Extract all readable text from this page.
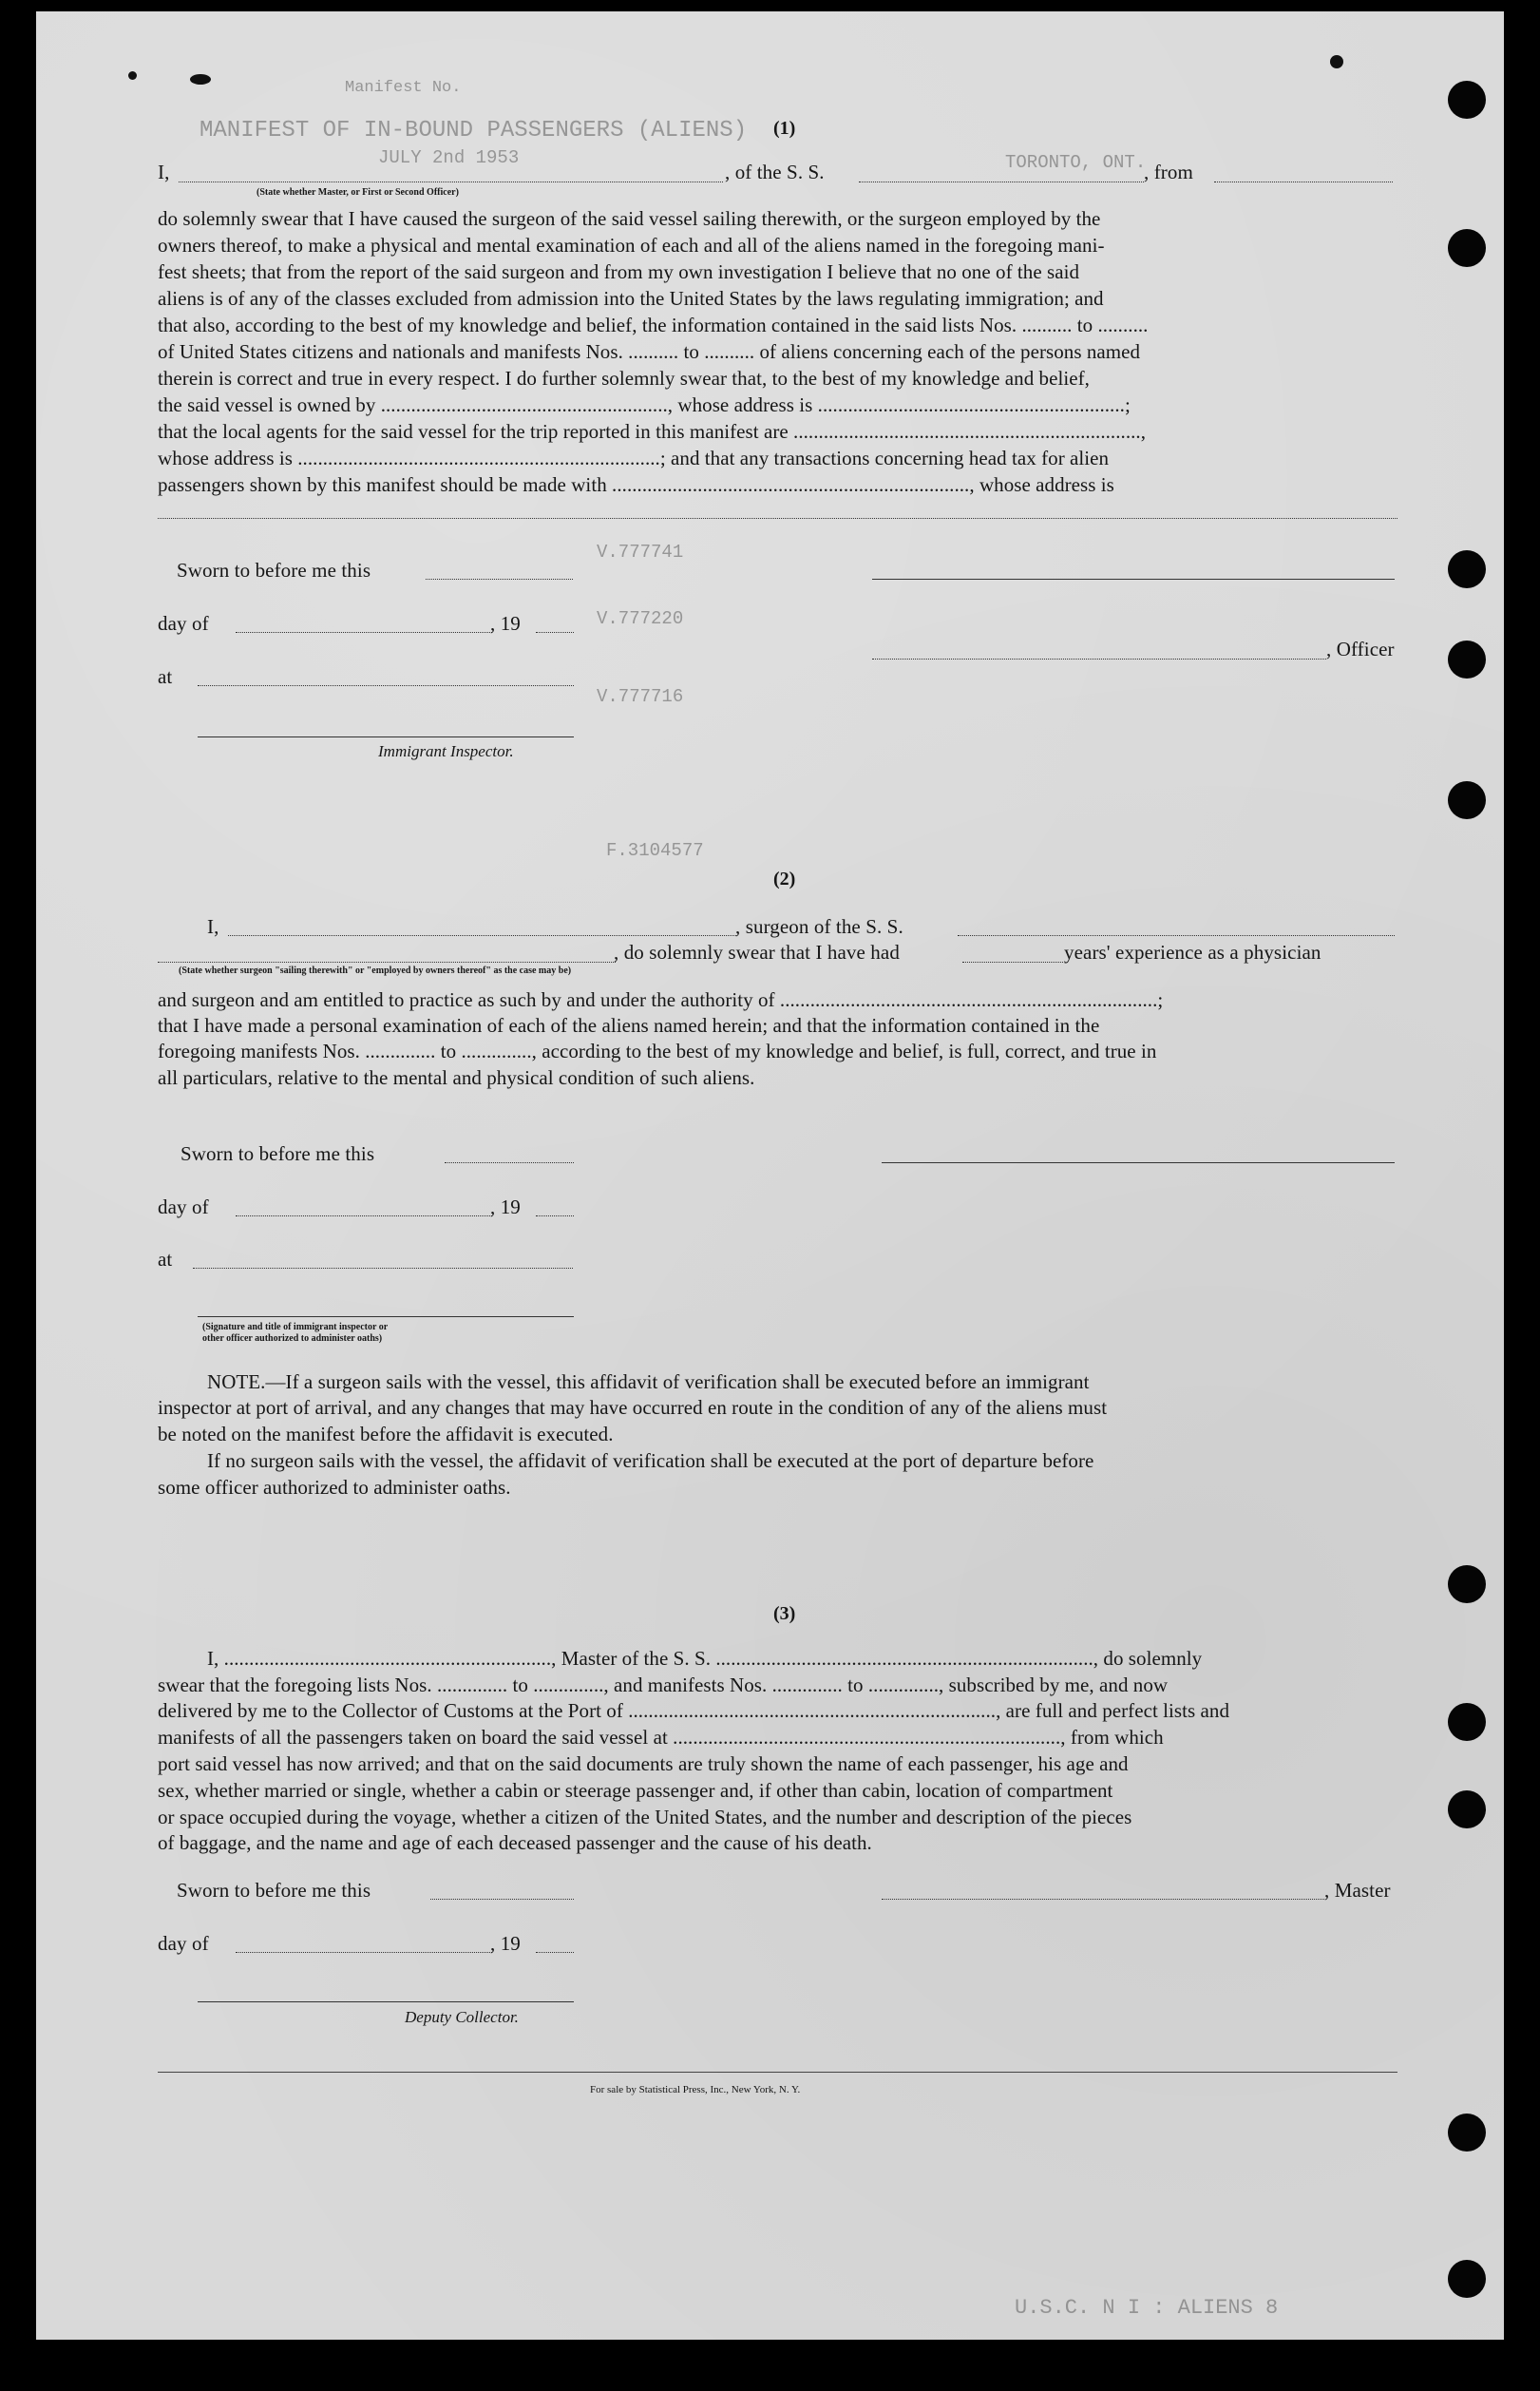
MANIFEST OF IN-BOUND PASSENGERS (ALIENS)
Manifest No.
JULY 2nd 1953	TORONTO, ONT.
V.777741
V.777220
V.777716
F.3104577
U.S.C. N I : ALIENS 8
(1)
I,
(State whether Master, or First or Second Officer)
, of the S. S.	, from
do solemnly swear that I have caused the surgeon of the said vessel sailing therewith, or the surgeon employed by the
owners thereof, to make a physical and mental examination of each and all of the aliens named in the foregoing mani-
fest sheets; that from the report of the said surgeon and from my own investigation I believe that no one of the said
aliens is of any of the classes excluded from admission into the United States by the laws regulating immigration; and
that also, according to the best of my knowledge and belief, the information contained in the said lists Nos. .......... to ..........
of United States citizens and nationals and manifests Nos. .......... to .......... of aliens concerning each of the persons named
therein is correct and true in every respect. I do further solemnly swear that, to the best of my knowledge and belief,
the said vessel is owned by ........................................................., whose address is .............................................................;
that the local agents for the said vessel for the trip reported in this manifest are .....................................................................,
whose address is ........................................................................; and that any transactions concerning head tax for alien
passengers shown by this manifest should be made with ......................................................................., whose address is
Sworn to before me this
day of	, 19
, Officer
at
Immigrant Inspector.
(2)
I,	, surgeon of the S. S.
, do solemnly swear that I have had	years' experience as a physician
(State whether surgeon "sailing therewith" or "employed by owners thereof" as the case may be)
and surgeon and am entitled to practice as such by and under the authority of ...........................................................................;
that I have made a personal examination of each of the aliens named herein; and that the information contained in the
foregoing manifests Nos. .............. to .............., according to the best of my knowledge and belief, is full, correct, and true in
all particulars, relative to the mental and physical condition of such aliens.
Sworn to before me this
day of	, 19
at
(Signature and title of immigrant inspector or
other officer authorized to administer oaths)
NOTE.—If a surgeon sails with the vessel, this affidavit of verification shall be executed before an immigrant
inspector at port of arrival, and any changes that may have occurred en route in the condition of any of the aliens must
be noted on the manifest before the affidavit is executed.
If no surgeon sails with the vessel, the affidavit of verification shall be executed at the port of departure before
some officer authorized to administer oaths.
(3)
I, ................................................................., Master of the S. S. ..........................................................................., do solemnly
swear that the foregoing lists Nos. .............. to .............., and manifests Nos. .............. to .............., subscribed by me, and now
delivered by me to the Collector of Customs at the Port of ........................................................................., are full and perfect lists and
manifests of all the passengers taken on board the said vessel at ............................................................................., from which
port said vessel has now arrived; and that on the said documents are truly shown the name of each passenger, his age and
sex, whether married or single, whether a cabin or steerage passenger and, if other than cabin, location of compartment
or space occupied during the voyage, whether a citizen of the United States, and the number and description of the pieces
of baggage, and the name and age of each deceased passenger and the cause of his death.
Sworn to before me this	, Master
day of	, 19
Deputy Collector.
For sale by Statistical Press, Inc., New York, N. Y.
